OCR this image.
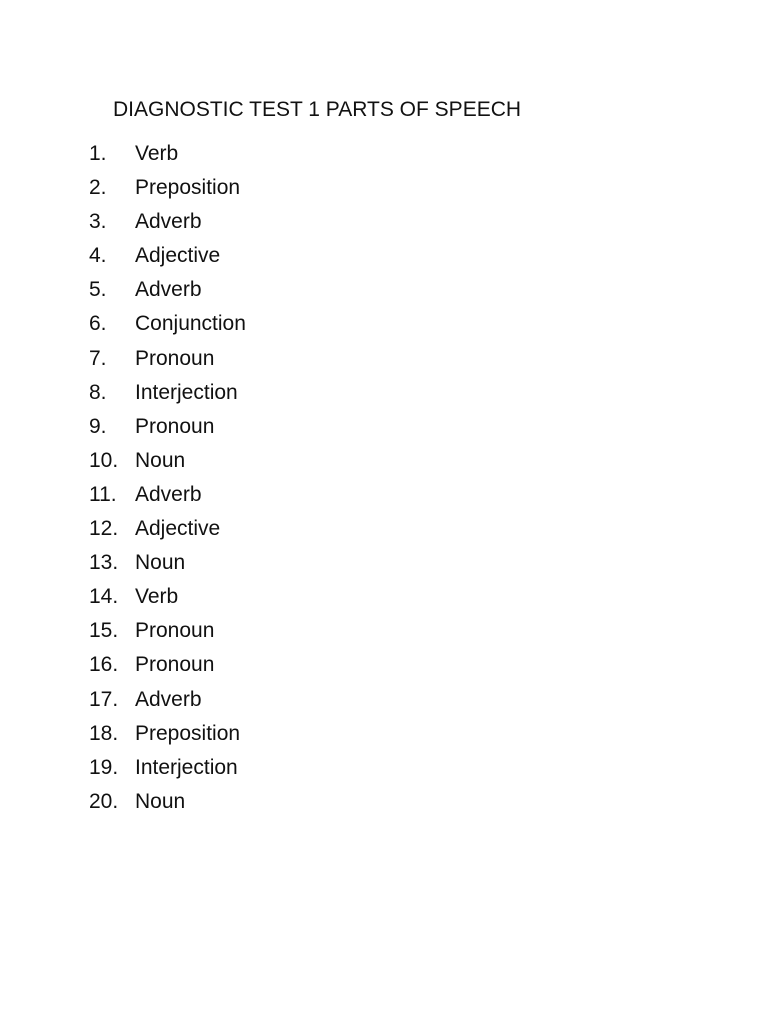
DIAGNOSTIC TEST 1 PARTS OF SPEECH
1.	Verb
2.	Preposition
3.	Adverb
4.	Adjective
5.	Adverb
6.	Conjunction
7.	Pronoun
8.	Interjection
9.	Pronoun
10. Noun
11. Adverb
12. Adjective
13. Noun
14. Verb
15. Pronoun
16. Pronoun
17. Adverb
18. Preposition
19. Interjection
20. Noun
